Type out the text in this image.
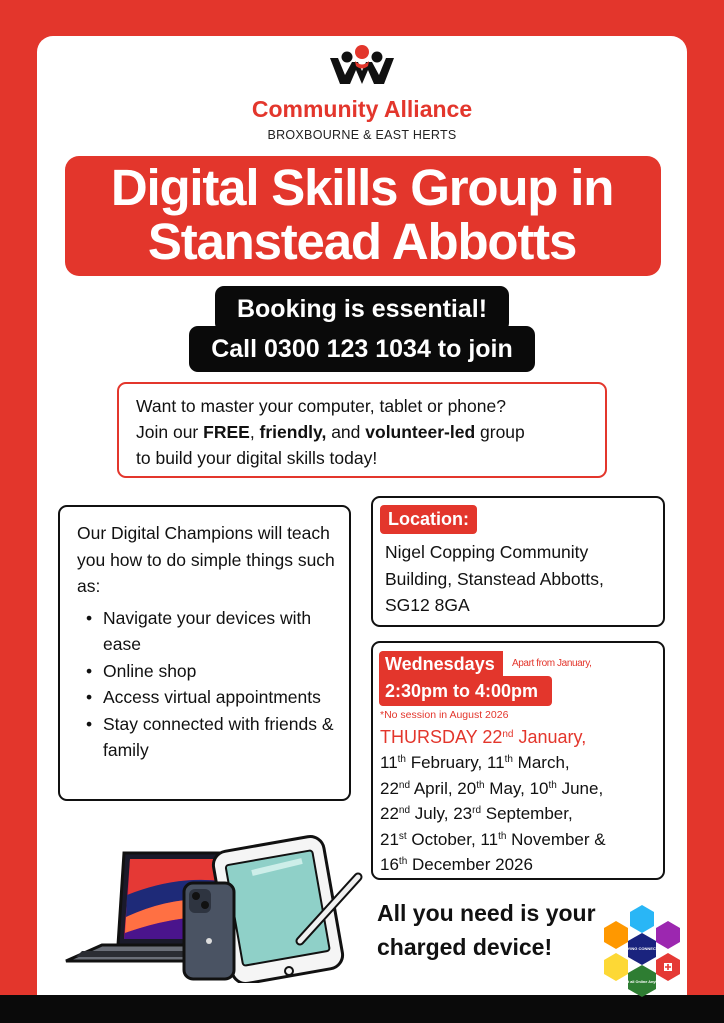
Community Alliance
BROXBOURNE & EAST HERTS
Digital Skills Group in
Stanstead Abbotts
Booking is essential!
Call 0300 123 1034 to join
Want to master your computer, tablet or phone?
Join our FREE, friendly, and volunteer-led group
to build your digital skills today!
Our Digital Champions will teach you how to do simple things such as:
• Navigate your devices with ease
• Online shop
• Access virtual appointments
• Stay connected with friends & family
Location:
Nigel Copping Community
Building, Stanstead Abbotts,
SG12 8GA
Wednesdays	Apart from January,
2:30pm to 4:00pm
*No session in August 2026
THURSDAY 22nd January,
11th February, 11th March,
22nd April, 20th May, 10th June,
22nd July, 23rd September,
21st October, 11th November &
16th December 2026
All you need is your
charged device!	STAYING CONNECTED
Do it all Online Anytime
